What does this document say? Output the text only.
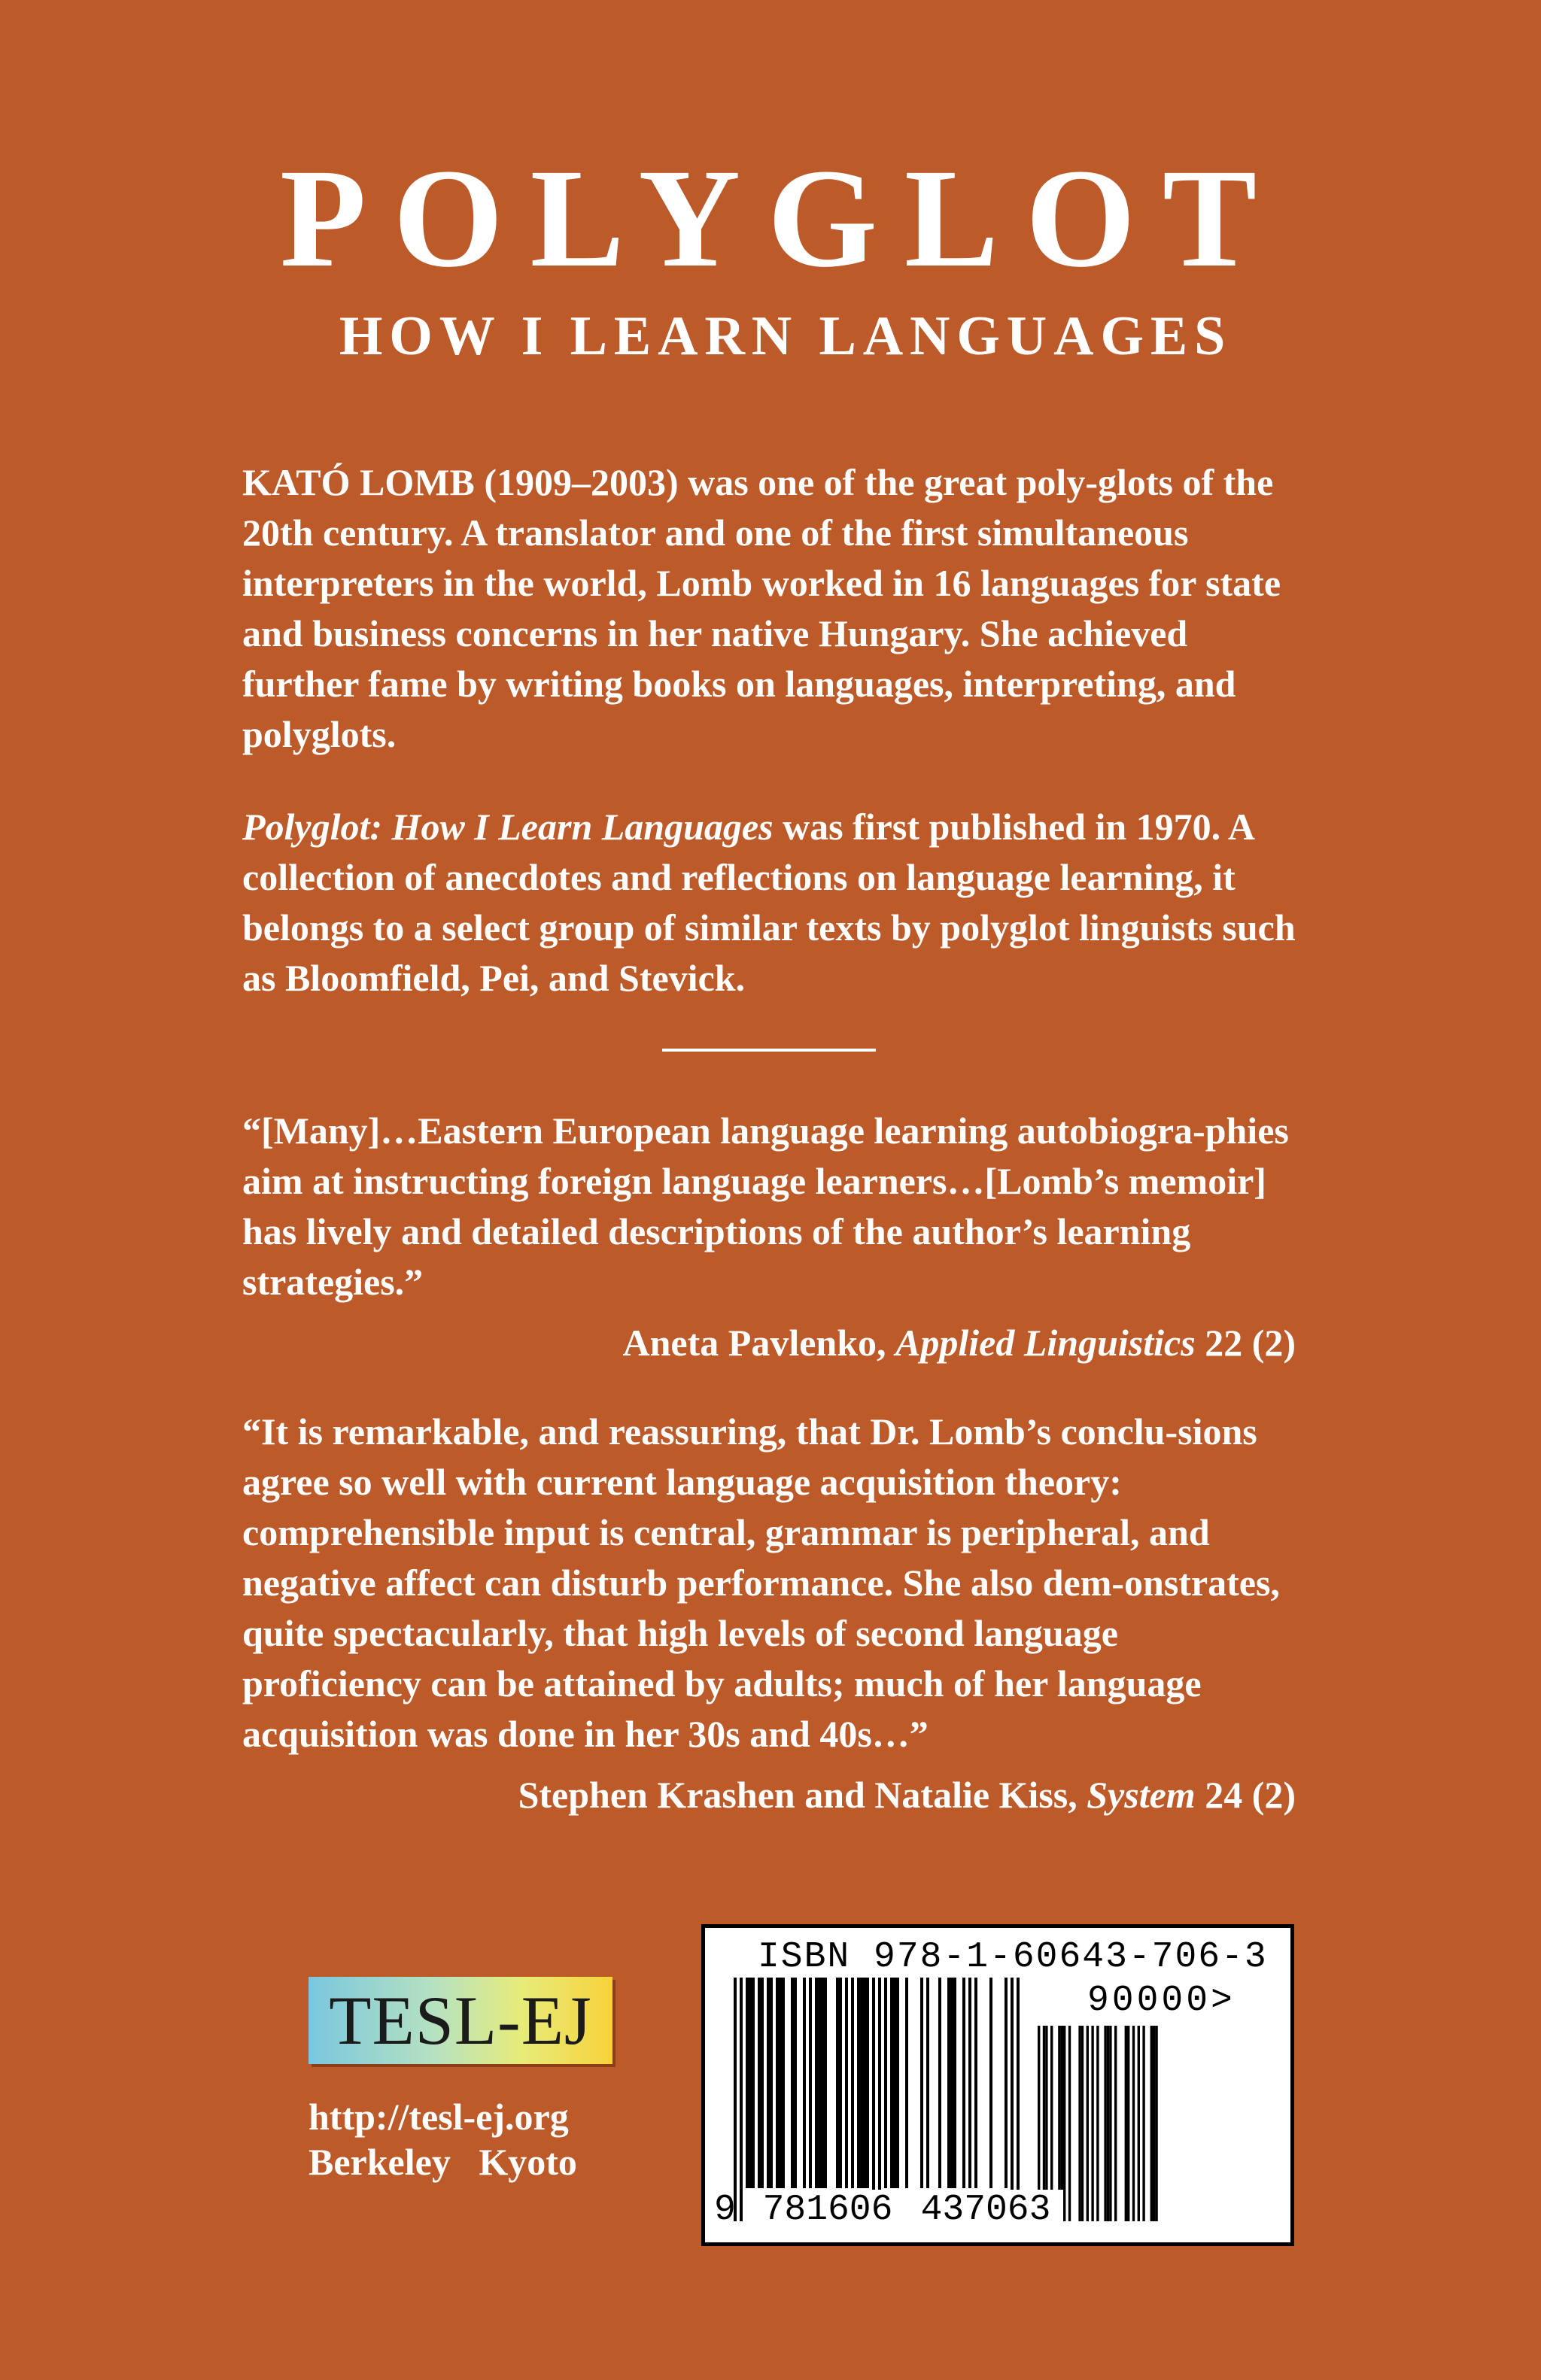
POLYGLOT
HOW I LEARN LANGUAGES

KATÓ LOMB (1909–2003) was one of the great poly-glots of the 20th century. A translator and one of the first simultaneous interpreters in the world, Lomb worked in 16 languages for state and business concerns in her native Hungary. She achieved further fame by writing books on languages, interpreting, and polyglots.

Polyglot: How I Learn Languages was first published in 1970. A collection of anecdotes and reflections on language learning, it belongs to a select group of similar texts by polyglot linguists such as Bloomfield, Pei, and Stevick.

“[Many]…Eastern European language learning autobiogra-phies aim at instructing foreign language learners…[Lomb’s memoir] has lively and detailed descriptions of the author’s learning strategies.”

Aneta Pavlenko, Applied Linguistics 22 (2)

“It is remarkable, and reassuring, that Dr. Lomb’s conclu-sions agree so well with current language acquisition theory: comprehensible input is central, grammar is peripheral, and negative affect can disturb performance. She also dem-onstrates, quite spectacularly, that high levels of second language proficiency can be attained by adults; much of her language acquisition was done in her 30s and 40s…”

Stephen Krashen and Natalie Kiss, System 24 (2)

TESL-EJ
http://tesl-ej.org
Berkeley   Kyoto
ISBN 978-1-60643-706-3
90000>
9 781606 437063
